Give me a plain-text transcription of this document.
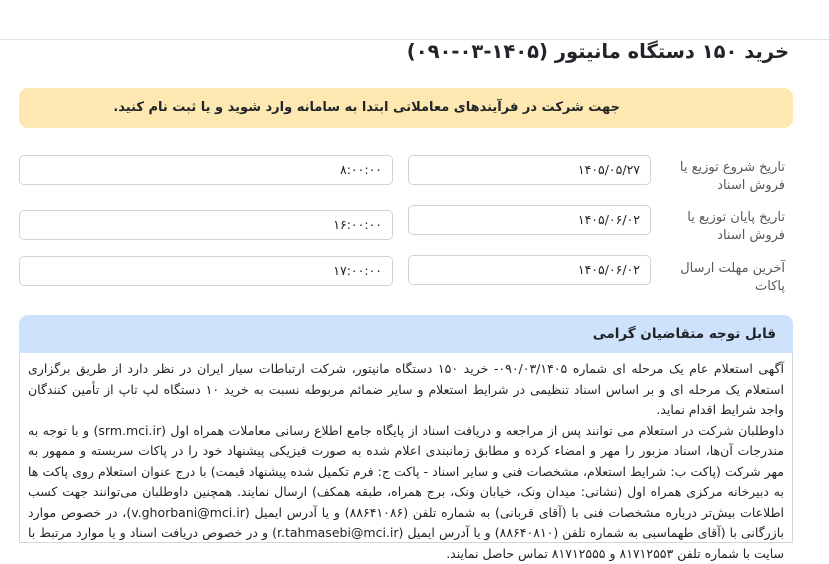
خرید ۱۵۰ دستگاه مانیتور (۱۴۰۵-۰۳-۰۹۰)
جهت شرکت در فرآیندهای معاملاتی ابتدا به سامانه وارد شوید و یا ثبت نام کنید.
تاریخ شروع توزیع یا فروش اسناد
۱۴۰۵/۰۵/۲۷
۸:۰۰:۰۰
تاریخ پایان توزیع یا فروش اسناد
۱۴۰۵/۰۶/۰۲
۱۶:۰۰:۰۰
آخرین مهلت ارسال پاکات
۱۴۰۵/۰۶/۰۲
۱۷:۰۰:۰۰
قابل توجه متقاضیان گرامی

آگهی استعلام عام یک مرحله ای شماره ۰۹۰/۰۳/۱۴۰۵- خرید ۱۵۰ دستگاه مانیتور، شرکت ارتباطات سیار ایران در نظر دارد از طریق برگزاری استعلام یک مرحله ای و بر اساس اسناد تنظیمی در شرایط استعلام و سایر ضمائم مربوطه نسبت به خرید ۱۰ دستگاه لپ تاپ از تأمین کنندگان واجد شرایط اقدام نماید.
داوطلبان شرکت در استعلام می توانند پس از مراجعه و دریافت اسناد از پایگاه جامع اطلاع رسانی معاملات همراه اول (srm.mci.ir) و با توجه به مندرجات آن‌ها، اسناد مزبور را مهر و امضاء کرده و مطابق زمانبندی اعلام شده به صورت فیزیکی پیشنهاد خود را در پاکات سربسته و ممهور به مهر شرکت (پاکت ب: شرایط استعلام، مشخصات فنی و سایر اسناد - پاکت ج: فرم تکمیل شده پیشنهاد قیمت) با درج عنوان استعلام روی پاکت ها به دبیرخانه مرکزی همراه اول (نشانی: میدان ونک، خیابان ونک، برج همراه، طبقه همکف) ارسال نمایند. همچنین داوطلبان می‌توانند جهت کسب اطلاعات بیش‌تر درباره مشخصات فنی با (آقای قربانی) به شماره تلفن (۸۸۶۴۱۰۸۶) و یا آدرس ایمیل (v.ghorbani@mci.ir)، در خصوص موارد بازرگانی با (آقای طهماسبی به شماره تلفن (۸۸۶۴۰۸۱۰) و یا آدرس ایمیل (r.tahmasebi@mci.ir) و در خصوص دریافت اسناد و یا موارد مرتبط با سایت با شماره تلفن ۸۱۷۱۲۵۵۳ و ۸۱۷۱۲۵۵۵ تماس حاصل نمایند.
